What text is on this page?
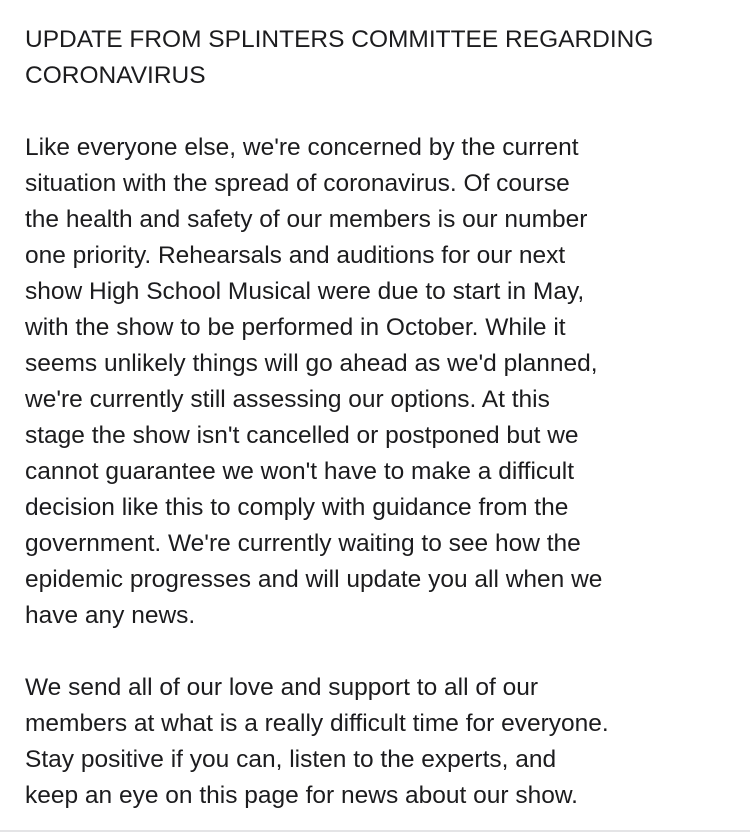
UPDATE FROM SPLINTERS COMMITTEE REGARDING
CORONAVIRUS

Like everyone else, we're concerned by the current
situation with the spread of coronavirus. Of course
the health and safety of our members is our number
one priority. Rehearsals and auditions for our next
show High School Musical were due to start in May,
with the show to be performed in October. While it
seems unlikely things will go ahead as we'd planned,
we're currently still assessing our options. At this
stage the show isn't cancelled or postponed but we
cannot guarantee we won't have to make a difficult
decision like this to comply with guidance from the
government. We're currently waiting to see how the
epidemic progresses and will update you all when we
have any news.

We send all of our love and support to all of our
members at what is a really difficult time for everyone.
Stay positive if you can, listen to the experts, and
keep an eye on this page for news about our show.
